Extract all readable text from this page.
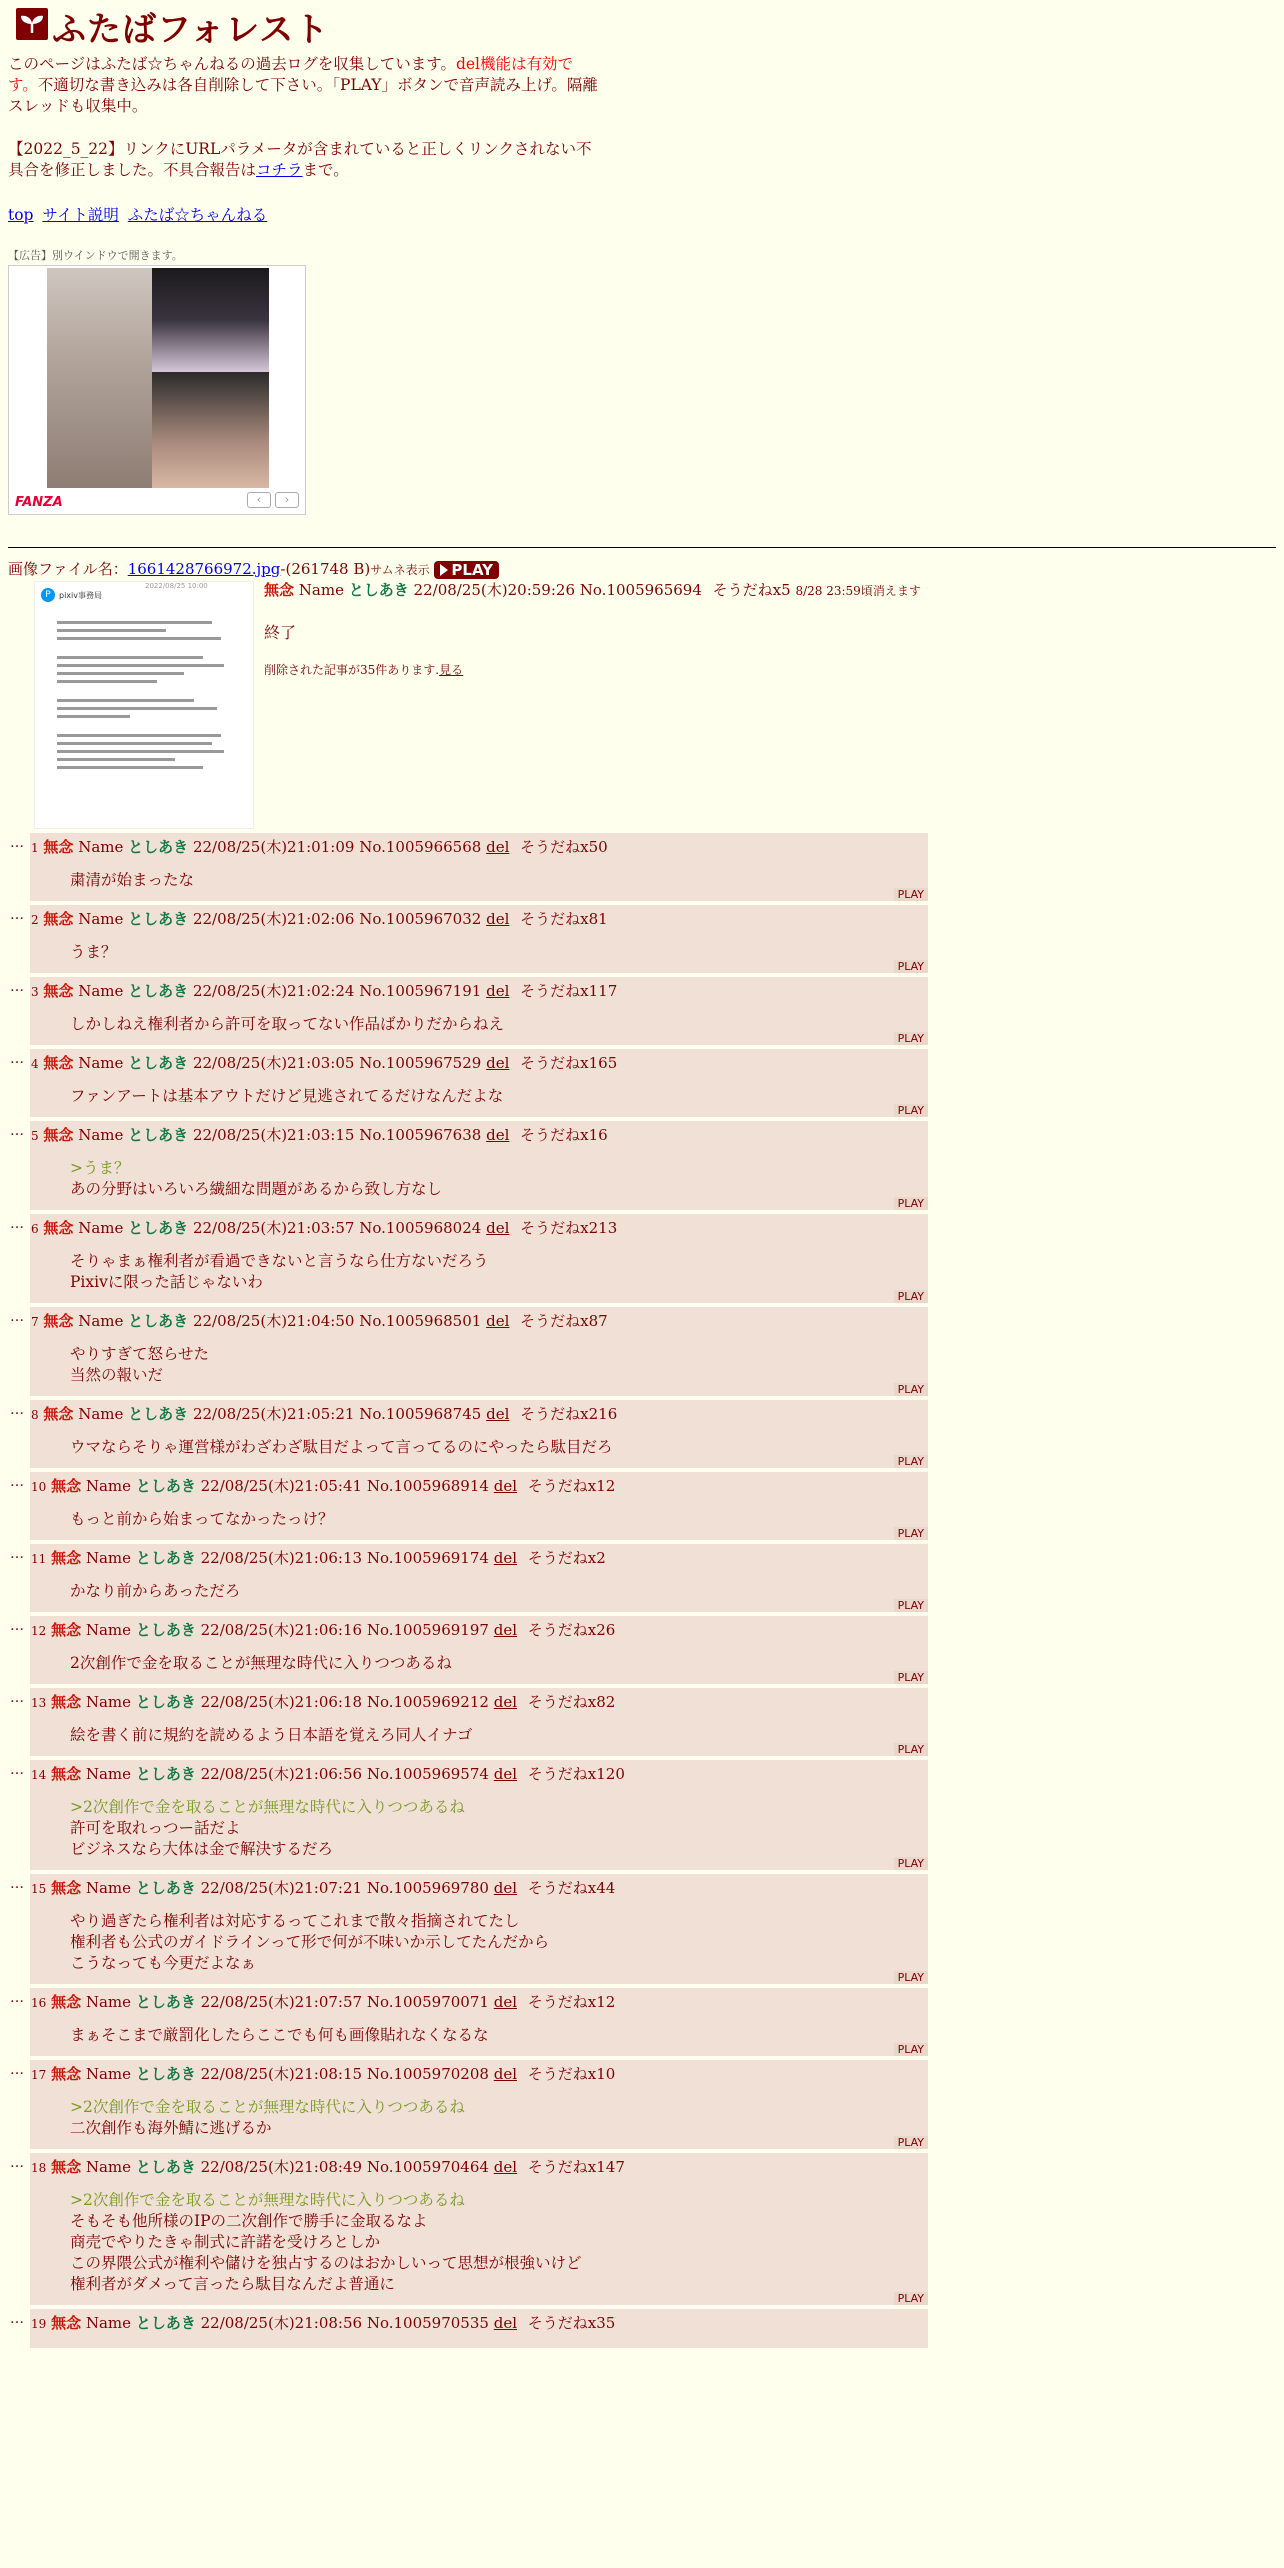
ふたばフォレスト
このページはふたば☆ちゃんねるの過去ログを収集しています。del機能は有効です。不適切な書き込みは各自削除して下さい。「PLAY」ボタンで音声読み上げ。隔離スレッドも収集中。
【2022_5_22】リンクにURLパラメータが含まれていると正しくリンクされない不具合を修正しました。不具合報告はコチラまで。
top サイト説明 ふたば☆ちゃんねる
【広告】別ウインドウで開きます。
FANZA	‹ ›
画像ファイル名：1661428766972.jpg-(261748 B)サムネ表示 PLAY
P	pixiv事務局
2022/08/25 10:00	無念 Name としあき 22/08/25(木)20:59:26 No.1005965694 そうだねx5 8/28 23:59頃消えます
終了
削除された記事が35件あります.見る
… 1 無念 Name としあき 22/08/25(木)21:01:09 No.1005966568 del そうだねx50
粛清が始まったな
PLAY
… 2 無念 Name としあき 22/08/25(木)21:02:06 No.1005967032 del そうだねx81
うま？
PLAY
… 3 無念 Name としあき 22/08/25(木)21:02:24 No.1005967191 del そうだねx117
しかしねえ権利者から許可を取ってない作品ばかりだからねえ
PLAY
… 4 無念 Name としあき 22/08/25(木)21:03:05 No.1005967529 del そうだねx165
ファンアートは基本アウトだけど見逃されてるだけなんだよな
PLAY
… 5 無念 Name としあき 22/08/25(木)21:03:15 No.1005967638 del そうだねx16
>うま？
あの分野はいろいろ繊細な問題があるから致し方なし
PLAY
… 6 無念 Name としあき 22/08/25(木)21:03:57 No.1005968024 del そうだねx213
そりゃまぁ権利者が看過できないと言うなら仕方ないだろう
Pixivに限った話じゃないわ
PLAY
… 7 無念 Name としあき 22/08/25(木)21:04:50 No.1005968501 del そうだねx87
やりすぎて怒らせた
当然の報いだ
PLAY
… 8 無念 Name としあき 22/08/25(木)21:05:21 No.1005968745 del そうだねx216
ウマならそりゃ運営様がわざわざ駄目だよって言ってるのにやったら駄目だろ
PLAY
… 10 無念 Name としあき 22/08/25(木)21:05:41 No.1005968914 del そうだねx12
もっと前から始まってなかったっけ？
PLAY
… 11 無念 Name としあき 22/08/25(木)21:06:13 No.1005969174 del そうだねx2
かなり前からあっただろ
PLAY
… 12 無念 Name としあき 22/08/25(木)21:06:16 No.1005969197 del そうだねx26
2次創作で金を取ることが無理な時代に入りつつあるね
PLAY
… 13 無念 Name としあき 22/08/25(木)21:06:18 No.1005969212 del そうだねx82
絵を書く前に規約を読めるよう日本語を覚えろ同人イナゴ
PLAY
… 14 無念 Name としあき 22/08/25(木)21:06:56 No.1005969574 del そうだねx120
>2次創作で金を取ることが無理な時代に入りつつあるね
許可を取れっつー話だよ
ビジネスなら大体は金で解決するだろ
PLAY
… 15 無念 Name としあき 22/08/25(木)21:07:21 No.1005969780 del そうだねx44
やり過ぎたら権利者は対応するってこれまで散々指摘されてたし
権利者も公式のガイドラインって形で何が不味いか示してたんだから
こうなっても今更だよなぁ
PLAY
… 16 無念 Name としあき 22/08/25(木)21:07:57 No.1005970071 del そうだねx12
まぁそこまで厳罰化したらここでも何も画像貼れなくなるな
PLAY
… 17 無念 Name としあき 22/08/25(木)21:08:15 No.1005970208 del そうだねx10
>2次創作で金を取ることが無理な時代に入りつつあるね
二次創作も海外鯖に逃げるか
PLAY
… 18 無念 Name としあき 22/08/25(木)21:08:49 No.1005970464 del そうだねx147
>2次創作で金を取ることが無理な時代に入りつつあるね
そもそも他所様のIPの二次創作で勝手に金取るなよ
商売でやりたきゃ制式に許諾を受けろとしか
この界隈公式が権利や儲けを独占するのはおかしいって思想が根強いけど
権利者がダメって言ったら駄目なんだよ普通に
PLAY
… 19 無念 Name としあき 22/08/25(木)21:08:56 No.1005970535 del そうだねx35
